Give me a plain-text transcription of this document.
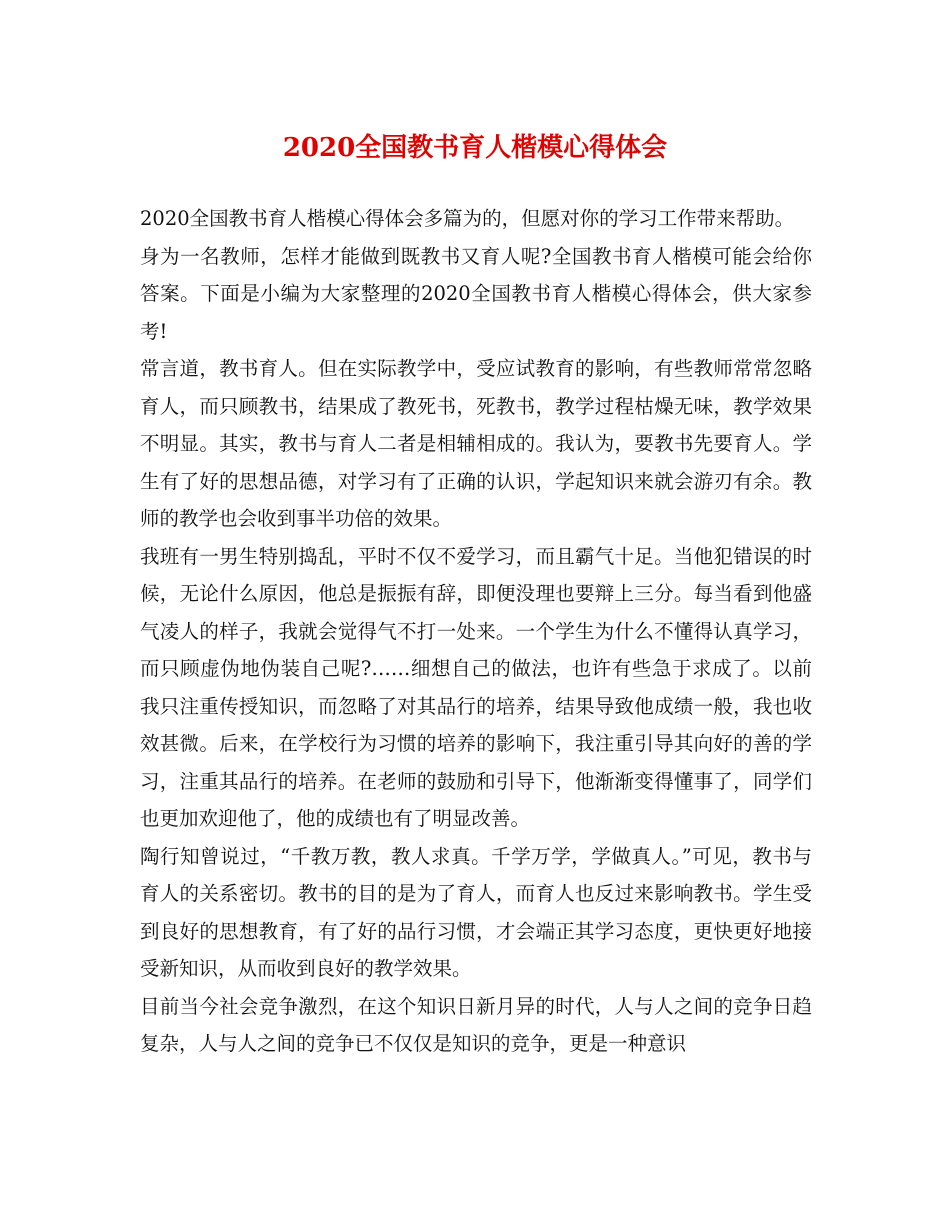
2020全国教书育人楷模心得体会

2020全国教书育人楷模心得体会多篇为的，但愿对你的学习工作带来帮助。

身为一名教师，怎样才能做到既教书又育人呢?全国教书育人楷模可能会给你答案。下面是小编为大家整理的2020全国教书育人楷模心得体会，供大家参考!

常言道，教书育人。但在实际教学中，受应试教育的影响，有些教师常常忽略育人，而只顾教书，结果成了教死书，死教书，教学过程枯燥无味，教学效果不明显。其实，教书与育人二者是相辅相成的。我认为，要教书先要育人。学生有了好的思想品德，对学习有了正确的认识，学起知识来就会游刃有余。教师的教学也会收到事半功倍的效果。

我班有一男生特别捣乱，平时不仅不爱学习，而且霸气十足。当他犯错误的时候，无论什么原因，他总是振振有辞，即便没理也要辩上三分。每当看到他盛气凌人的样子，我就会觉得气不打一处来。一个学生为什么不懂得认真学习，而只顾虚伪地伪装自己呢?……细想自己的做法，也许有些急于求成了。以前我只注重传授知识，而忽略了对其品行的培养，结果导致他成绩一般，我也收效甚微。后来，在学校行为习惯的培养的影响下，我注重引导其向好的善的学习，注重其品行的培养。在老师的鼓励和引导下，他渐渐变得懂事了，同学们也更加欢迎他了，他的成绩也有了明显改善。

陶行知曾说过，“千教万教，教人求真。千学万学，学做真人。”可见，教书与育人的关系密切。教书的目的是为了育人，而育人也反过来影响教书。学生受到良好的思想教育，有了好的品行习惯，才会端正其学习态度，更快更好地接受新知识，从而收到良好的教学效果。

目前当今社会竞争激烈，在这个知识日新月异的时代，人与人之间的竞争日趋复杂，人与人之间的竞争已不仅仅是知识的竞争，更是一种意识
